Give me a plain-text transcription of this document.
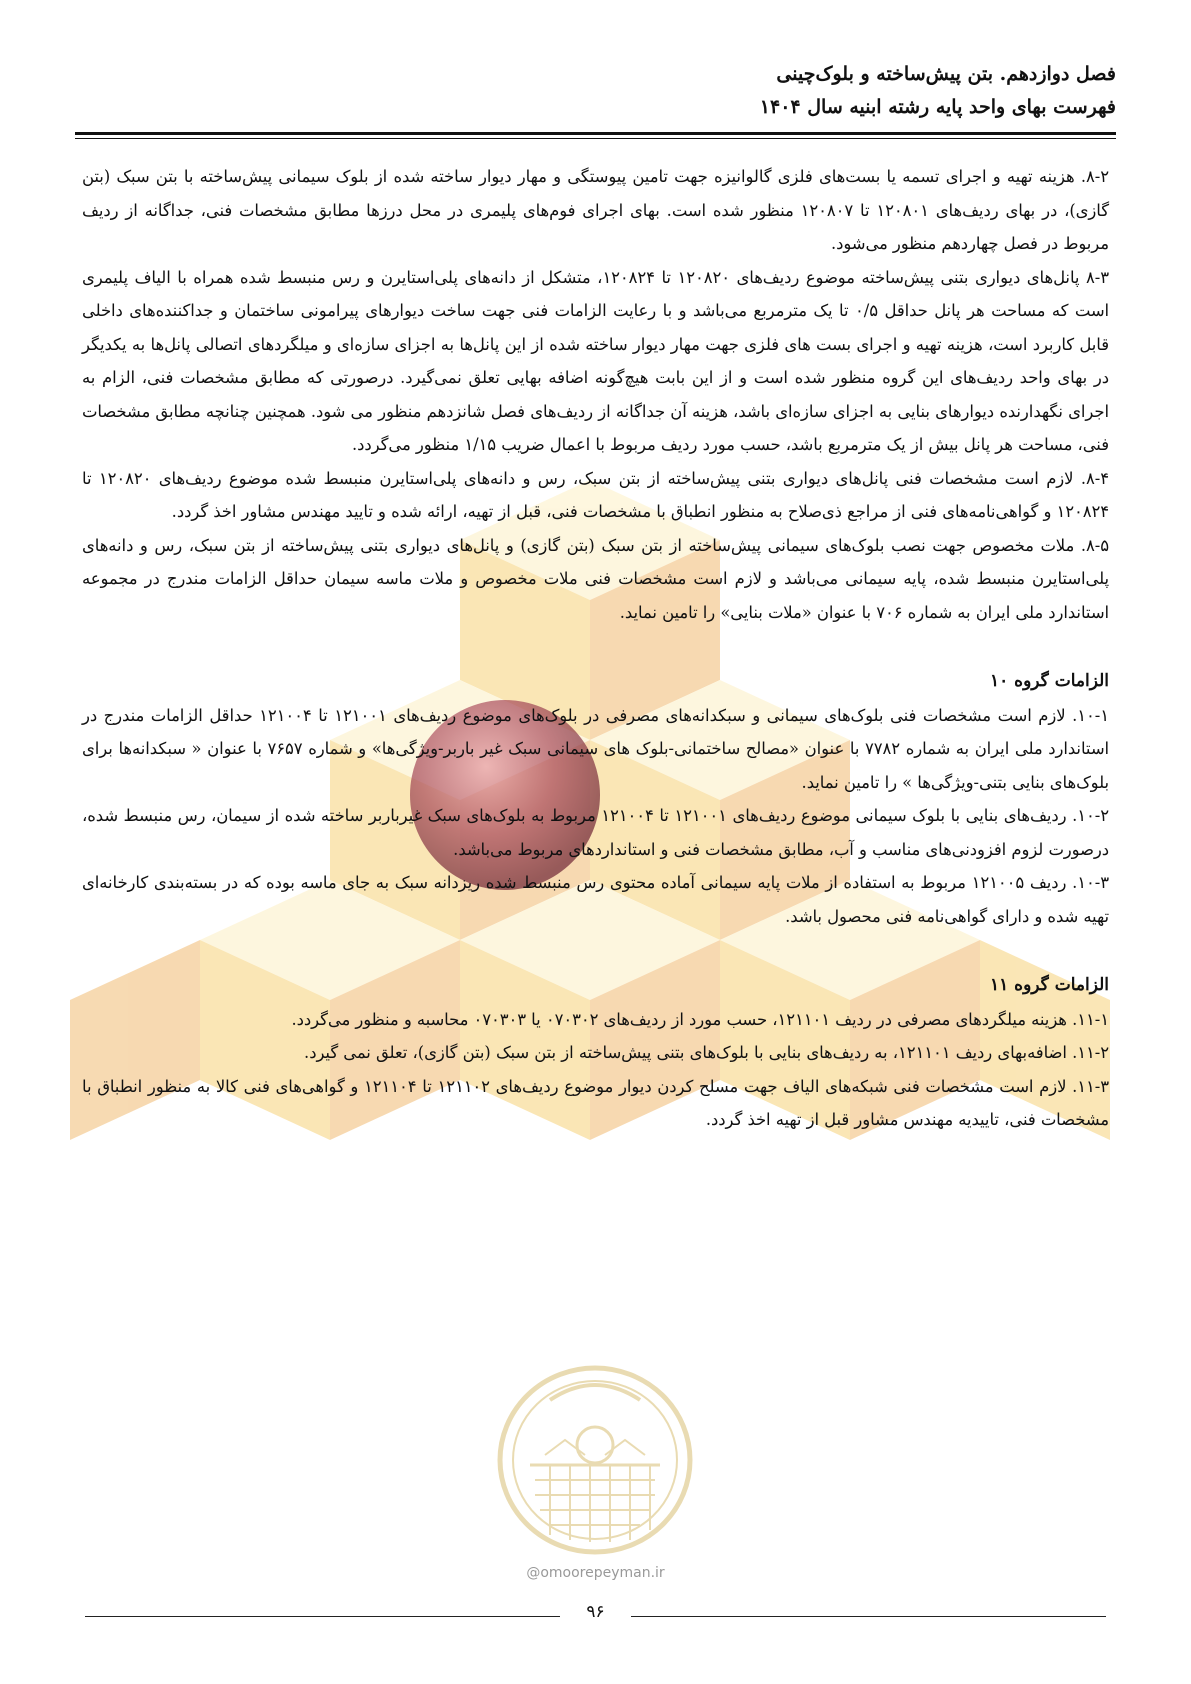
@omoorepeyman.ir
فصل دوازدهم. بتن پیش‌ساخته و بلوک‌چینی
فهرست بهای واحد پایه رشته ابنیه سال ۱۴۰۴

۸-۲. هزینه تهیه و اجرای تسمه یا بست‌های فلزی گالوانیزه جهت تامین پیوستگی و مهار دیوار ساخته شده از بلوک سیمانی پیش‌ساخته با بتن سبک (بتن گازی)، در بهای ردیف‌های ۱۲۰۸۰۱ تا ۱۲۰۸۰۷ منظور شده است. بهای اجرای فوم‌های پلیمری در محل درزها مطابق مشخصات فنی، جداگانه از ردیف مربوط در فصل چهاردهم منظور می‌شود.

۸-۳ پانل‌های دیواری بتنی پیش‌ساخته موضوع ردیف‌های ۱۲۰۸۲۰ تا ۱۲۰۸۲۴، متشکل از دانه‌های پلی‌استایرن و رس منبسط شده همراه با الیاف پلیمری است که مساحت هر پانل حداقل ۰/۵ تا یک مترمربع می‌باشد و با رعایت الزامات فنی جهت ساخت دیوارهای پیرامونی ساختمان و جداکننده‌های داخلی قابل کاربرد است، هزینه تهیه و اجرای بست های فلزی جهت مهار دیوار ساخته شده از این پانل‌ها به اجزای سازه‌ای و میلگردهای اتصالی پانل‌ها به یکدیگر در بهای واحد ردیف‌های این گروه منظور شده است و از این بابت هیچ‌گونه اضافه بهایی تعلق نمی‌گیرد. درصورتی که مطابق مشخصات فنی، الزام به اجرای نگهدارنده دیوارهای بنایی به اجزای سازه‌ای باشد، هزینه آن جداگانه از ردیف‌های فصل شانزدهم منظور می شود. همچنین چنانچه مطابق مشخصات فنی، مساحت هر پانل بیش از یک مترمربع باشد، حسب مورد ردیف مربوط با اعمال ضریب ۱/۱۵ منظور می‌گردد.

۸-۴. لازم است مشخصات فنی پانل‌های دیواری بتنی پیش‌ساخته از بتن سبک، رس و دانه‌های پلی‌استایرن منبسط شده موضوع ردیف‌های ۱۲۰۸۲۰ تا ۱۲۰۸۲۴ و گواهی‌نامه‌های فنی از مراجع ذی‌صلاح به منظور انطباق با مشخصات فنی، قبل از تهیه، ارائه شده و تایید مهندس مشاور اخذ گردد.

۸-۵. ملات مخصوص جهت نصب بلوک‌های سیمانی پیش‌ساخته از بتن سبک (بتن گازی) و پانل‌های دیواری بتنی پیش‌ساخته از بتن سبک، رس و دانه‌های پلی‌استایرن منبسط شده، پایه سیمانی می‌باشد و لازم است مشخصات فنی ملات مخصوص و ملات ماسه سیمان حداقل الزامات مندرج در مجموعه استاندارد ملی ایران به شماره ۷۰۶ با عنوان «ملات بنایی» را تامین نماید.

الزامات گروه ۱۰

۱۰-۱. لازم است مشخصات فنی بلوک‌های سیمانی و سبکدانه‌های مصرفی در بلوک‌های موضوع ردیف‌های ۱۲۱۰۰۱ تا ۱۲۱۰۰۴ حداقل الزامات مندرج در استاندارد ملی ایران به شماره ۷۷۸۲ با عنوان «مصالح ساختمانی-بلوک های سیمانی سبک غیر باربر-ویژگی‌ها» و شماره ۷۶۵۷ با عنوان « سبکدانه‌ها برای بلوک‌های بنایی بتنی-ویژگی‌ها » را تامین نماید.

۱۰-۲. ردیف‌های بنایی با بلوک سیمانی موضوع ردیف‌های ۱۲۱۰۰۱ تا ۱۲۱۰۰۴ مربوط به بلوک‌های سبک غیرباربر ساخته شده از سیمان، رس منبسط شده، درصورت لزوم افزودنی‌های مناسب و آب، مطابق مشخصات فنی و استانداردهای مربوط می‌باشد.

۱۰-۳. ردیف ۱۲۱۰۰۵ مربوط به استفاده از ملات پایه سیمانی آماده محتوی رس منبسط شده ریزدانه سبک به جای ماسه بوده که در بسته‌بندی کارخانه‌ای تهیه شده و دارای گواهی‌نامه فنی محصول باشد.

الزامات گروه ۱۱

۱۱-۱. هزینه میلگردهای مصرفی در ردیف ۱۲۱۱۰۱، حسب مورد از ردیف‌های ۰۷۰۳۰۲ یا ۰۷۰۳۰۳ محاسبه و منظور می‌گردد.

۱۱-۲. اضافه‌بهای ردیف ۱۲۱۱۰۱، به ردیف‌های بنایی با بلوک‌های بتنی پیش‌ساخته از بتن سبک (بتن گازی)، تعلق نمی گیرد.

۱۱-۳. لازم است مشخصات فنی شبکه‌های الیاف جهت مسلح کردن دیوار موضوع ردیف‌های ۱۲۱۱۰۲ تا ۱۲۱۱۰۴ و گواهی‌های فنی کالا به منظور انطباق با مشخصات فنی، تاییدیه مهندس مشاور قبل از تهیه اخذ گردد.

۹۶
